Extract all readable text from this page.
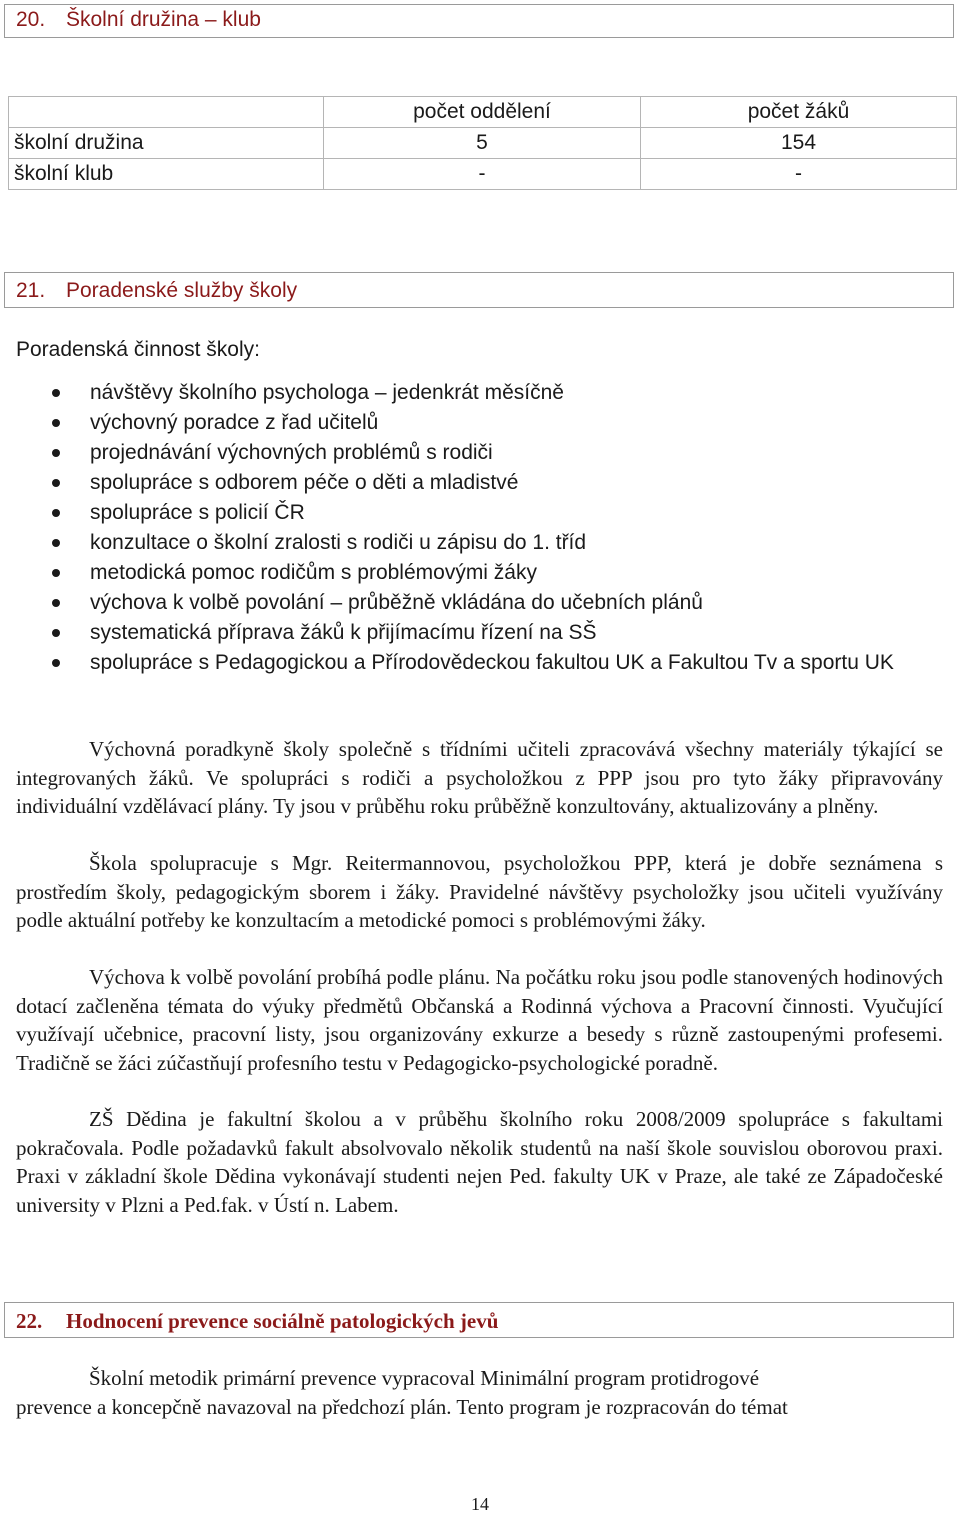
20. Školní družina – klub
	počet oddělení	počet žáků
školní družina	5	154
školní klub	-	-
21. Poradenské služby školy
Poradenská činnost školy:
návštěvy školního psychologa – jedenkrát měsíčně
výchovný poradce z řad učitelů
projednávání výchovných problémů s rodiči
spolupráce s odborem péče o děti a mladistvé
spolupráce s policií ČR
konzultace o školní zralosti s rodiči u zápisu do 1. tříd
metodická pomoc rodičům s problémovými žáky
výchova k volbě povolání – průběžně vkládána do učebních plánů
systematická příprava žáků k přijímacímu řízení na SŠ
spolupráce s Pedagogickou a Přírodovědeckou fakultou UK a Fakultou Tv a sportu UK
Výchovná poradkyně školy společně s třídními učiteli zpracovává všechny materiály týkající se integrovaných žáků. Ve spolupráci s rodiči a psycholožkou z PPP jsou pro tyto žáky připravovány individuální vzdělávací plány. Ty jsou v průběhu roku průběžně konzultovány, aktualizovány a plněny.
Škola spolupracuje s Mgr. Reitermannovou, psycholožkou PPP, která je dobře seznámena s prostředím školy, pedagogickým sborem i žáky. Pravidelné návštěvy psycholožky jsou učiteli využívány podle aktuální potřeby ke konzultacím a metodické pomoci s problémovými žáky.
Výchova k volbě povolání probíhá podle plánu. Na počátku roku jsou podle stanovených hodinových dotací začleněna témata do výuky předmětů Občanská a Rodinná výchova a Pracovní činnosti. Vyučující využívají učebnice, pracovní listy, jsou organizovány exkurze a besedy s různě zastoupenými profesemi. Tradičně se žáci zúčastňují profesního testu v Pedagogicko-psychologické poradně.
ZŠ Dědina je fakultní školou a v průběhu školního roku 2008/2009 spolupráce s fakultami pokračovala. Podle požadavků fakult absolvovalo několik studentů na naší škole souvislou oborovou praxi. Praxi v základní škole Dědina vykonávají studenti nejen Ped. fakulty UK v Praze, ale také ze Západočeské university v Plzni a Ped.fak. v Ústí n. Labem.
22. Hodnocení prevence sociálně patologických jevů
Školní metodik primární prevence vypracoval Minimální program protidrogové
prevence a koncepčně navazoval na předchozí plán. Tento program je rozpracován do témat
14
